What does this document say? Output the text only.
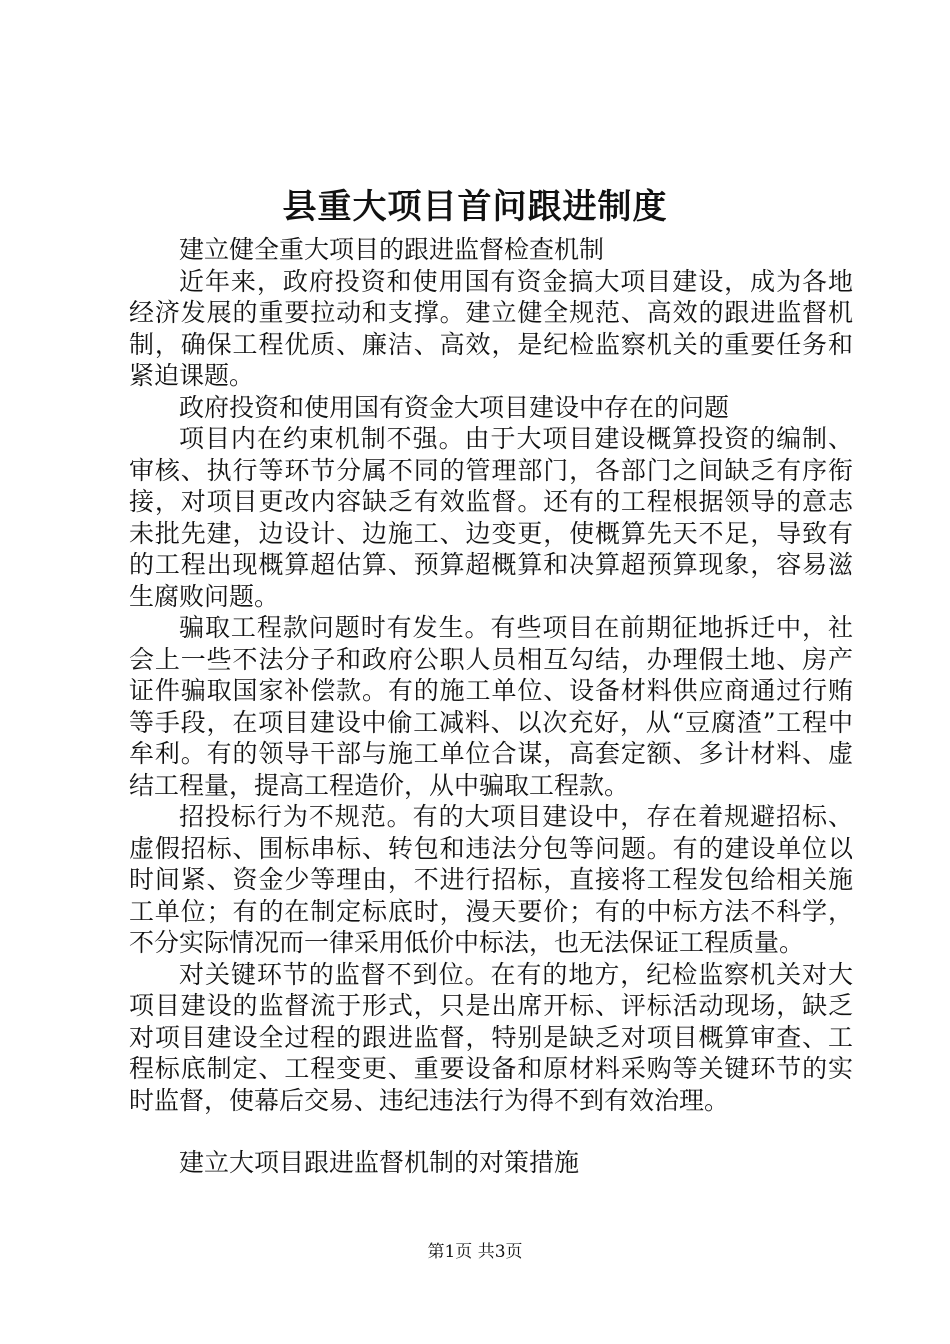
县重大项目首问跟进制度

建立健全重大项目的跟进监督检查机制

近年来，政府投资和使用国有资金搞大项目建设，成为各地经济发展的重要拉动和支撑。建立健全规范、高效的跟进监督机制，确保工程优质、廉洁、高效，是纪检监察机关的重要任务和紧迫课题。

政府投资和使用国有资金大项目建设中存在的问题

项目内在约束机制不强。由于大项目建设概算投资的编制、审核、执行等环节分属不同的管理部门，各部门之间缺乏有序衔接，对项目更改内容缺乏有效监督。还有的工程根据领导的意志未批先建，边设计、边施工、边变更，使概算先天不足，导致有的工程出现概算超估算、预算超概算和决算超预算现象，容易滋生腐败问题。

骗取工程款问题时有发生。有些项目在前期征地拆迁中，社会上一些不法分子和政府公职人员相互勾结，办理假土地、房产证件骗取国家补偿款。有的施工单位、设备材料供应商通过行贿等手段，在项目建设中偷工减料、以次充好，从“豆腐渣”工程中牟利。有的领导干部与施工单位合谋，高套定额、多计材料、虚结工程量，提高工程造价，从中骗取工程款。

招投标行为不规范。有的大项目建设中，存在着规避招标、虚假招标、围标串标、转包和违法分包等问题。有的建设单位以时间紧、资金少等理由，不进行招标，直接将工程发包给相关施工单位；有的在制定标底时，漫天要价；有的中标方法不科学，不分实际情况而一律采用低价中标法，也无法保证工程质量。

对关键环节的监督不到位。在有的地方，纪检监察机关对大项目建设的监督流于形式，只是出席开标、评标活动现场，缺乏对项目建设全过程的跟进监督，特别是缺乏对项目概算审查、工程标底制定、工程变更、重要设备和原材料采购等关键环节的实时监督，使幕后交易、违纪违法行为得不到有效治理。

建立大项目跟进监督机制的对策措施

第1页 共3页
